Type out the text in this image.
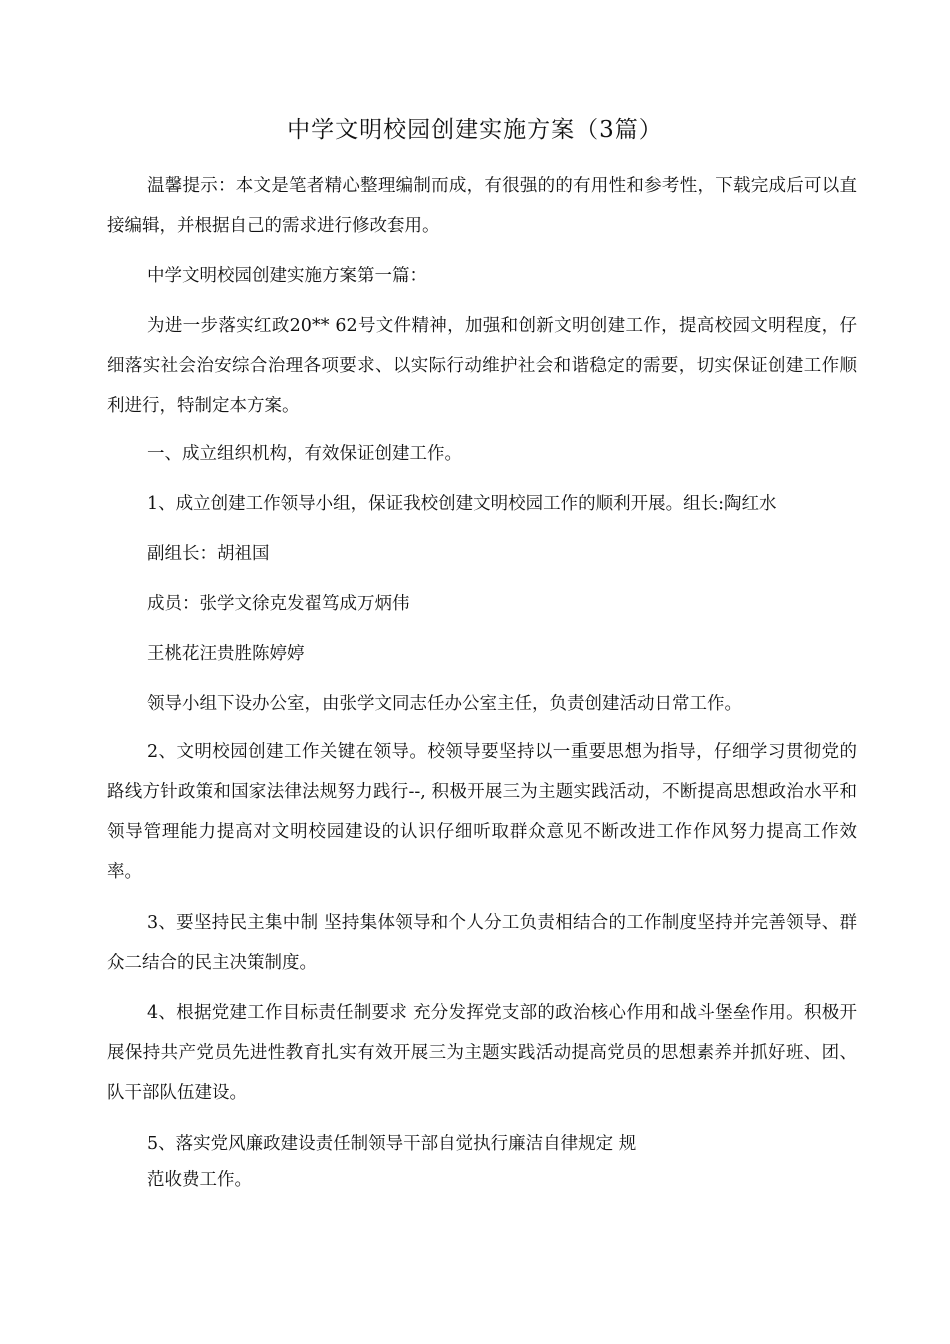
中学文明校园创建实施方案（3篇）
温馨提示：本文是笔者精心整理编制而成，有很强的的有用性和参考性，下载完成后可以直接编辑，并根据自己的需求进行修改套用。
中学文明校园创建实施方案第一篇：
为进一步落实红政20** 62号文件精神，加强和创新文明创建工作，提高校园文明程度，仔细落实社会治安综合治理各项要求、以实际行动维护社会和谐稳定的需要，切实保证创建工作顺利进行，特制定本方案。
一、成立组织机构，有效保证创建工作。
1、成立创建工作领导小组，保证我校创建文明校园工作的顺利开展。组长:陶红水
副组长：胡祖国
成员：张学文徐克发翟笃成万炳伟
王桃花汪贵胜陈婷婷
领导小组下设办公室，由张学文同志任办公室主任，负责创建活动日常工作。
2、文明校园创建工作关键在领导。校领导要坚持以一重要思想为指导，仔细学习贯彻党的路线方针政策和国家法律法规努力践行--, 积极开展三为主题实践活动，不断提高思想政治水平和领导管理能力提高对文明校园建设的认识仔细听取群众意见不断改进工作作风努力提高工作效率。
3、要坚持民主集中制 坚持集体领导和个人分工负责相结合的工作制度坚持并完善领导、群众二结合的民主决策制度。
4、根据党建工作目标责任制要求 充分发挥党支部的政治核心作用和战斗堡垒作用。积极开展保持共产党员先进性教育扎实有效开展三为主题实践活动提高党员的思想素养并抓好班、团、队干部队伍建设。
5、落实党风廉政建设责任制领导干部自觉执行廉洁自律规定 规
范收费工作。
